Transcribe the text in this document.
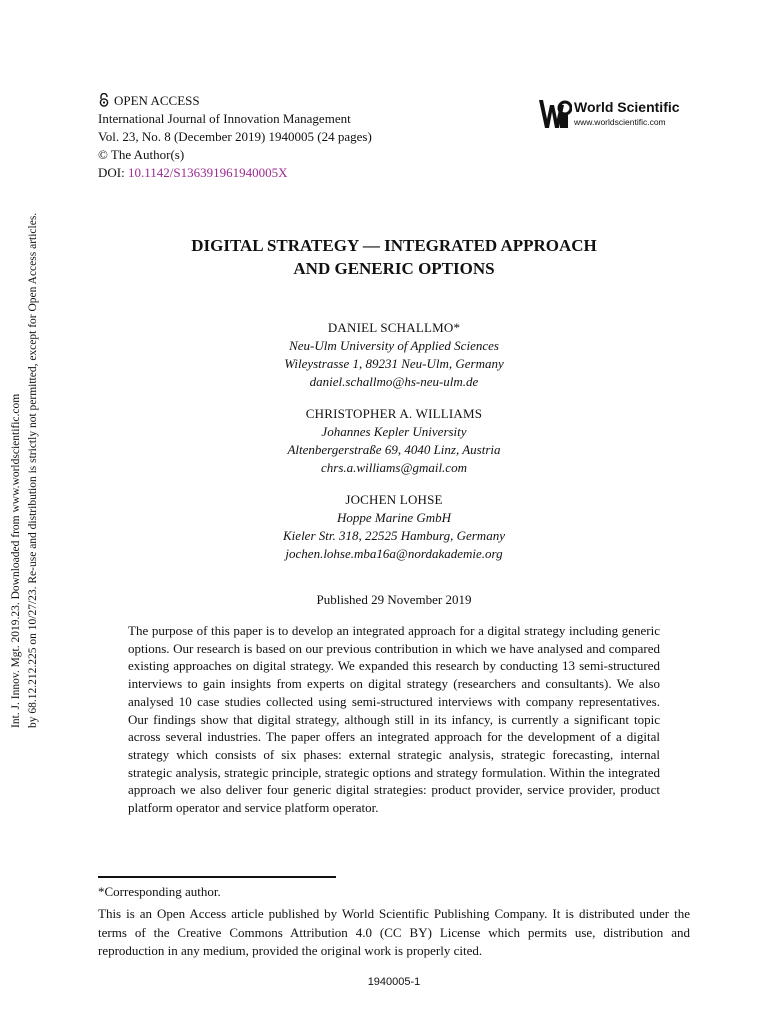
OPEN ACCESS
International Journal of Innovation Management
Vol. 23, No. 8 (December 2019) 1940005 (24 pages)
© The Author(s)
DOI: 10.1142/S136391961940005X
World Scientific
www.worldscientific.com
Int. J. Innov. Mgt. 2019.23. Downloaded from www.worldscientific.com by 68.12.212.225 on 10/27/23. Re-use and distribution is strictly not permitted, except for Open Access articles.	DIGITAL STRATEGY — INTEGRATED APPROACH
AND GENERIC OPTIONS
DANIEL SCHALLMO*
Neu-Ulm University of Applied Sciences
Wileystrasse 1, 89231 Neu-Ulm, Germany
daniel.schallmo@hs-neu-ulm.de
CHRISTOPHER A. WILLIAMS
Johannes Kepler University
Altenbergerstraße 69, 4040 Linz, Austria
chrs.a.williams@gmail.com
JOCHEN LOHSE
Hoppe Marine GmbH
Kieler Str. 318, 22525 Hamburg, Germany
jochen.lohse.mba16a@nordakademie.org
Published 29 November 2019
The purpose of this paper is to develop an integrated approach for a digital strategy including generic options. Our research is based on our previous contribution in which we have analysed and compared existing approaches on digital strategy. We expanded this research by conducting 13 semi-structured interviews to gain insights from experts on digital strategy (researchers and consultants). We also analysed 10 case studies collected using semi-structured interviews with company representatives. Our findings show that digital strategy, although still in its infancy, is currently a significant topic across several industries. The paper offers an integrated approach for the development of a digital strategy which consists of six phases: external strategic analysis, strategic forecasting, internal strategic analysis, strategic principle, strategic options and strategy formulation. Within the integrated approach we also deliver four generic digital strategies: product provider, service provider, product platform operator and service platform operator.
*Corresponding author.
This is an Open Access article published by World Scientific Publishing Company. It is distributed under the terms of the Creative Commons Attribution 4.0 (CC BY) License which permits use, distribution and reproduction in any medium, provided the original work is properly cited.
1940005-1
